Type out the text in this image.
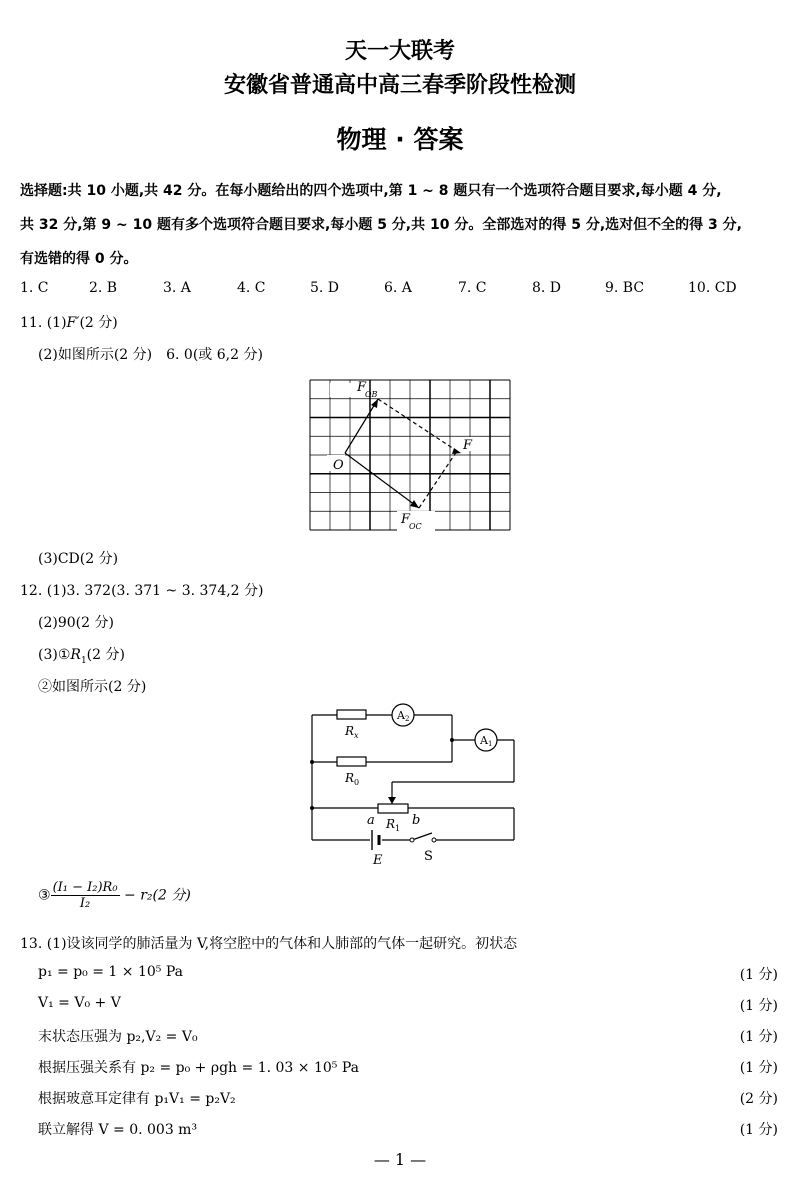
天一大联考
安徽省普通高中高三春季阶段性检测
物理 · 答案
选择题:共 10 小题,共 42 分。在每小题给出的四个选项中,第 1 ~ 8 题只有一个选项符合题目要求,每小题 4 分,
共 32 分,第 9 ~ 10 题有多个选项符合题目要求,每小题 5 分,共 10 分。全部选对的得 5 分,选对但不全的得 3 分,
有选错的得 0 分。
1. C	2. B	3. A	4. C	5. D	6. A	7. C	8. D	9. BC	10. CD
11. (1)F′(2 分)
(2)如图所示(2 分)　6. 0(或 6,2 分)
O
F
F
OB
F
OC
(3)CD(2 分)
12. (1)3. 372(3. 371 ~ 3. 374,2 分)
(2)90(2 分)
$(3)①R_1(2$ 分)
②如图所示(2 分)
A2
A1
$R_x$
$R_0$
$R_1$
a	b
E	S
③ $\frac{\text{(I₁ − I₂)R₀}}{\text{I₂}} - r_2(2$ 分)
13. (1)设该同学的肺活量为 V,将空腔中的气体和人肺部的气体一起研究。初状态
p₁ = p₀ = 1 × 10⁵ Pa	(1 分)
V₁ = V₀ + V	(1 分)
末状态压强为 p₂,V₂ = V₀	(1 分)
根据压强关系有 p₂ = p₀ + ρgh = 1. 03 × 10⁵ Pa	(1 分)
根据玻意耳定律有 p₁V₁ = p₂V₂	(2 分)
联立解得 V = 0. 003 m³	(1 分)
— 1 —
